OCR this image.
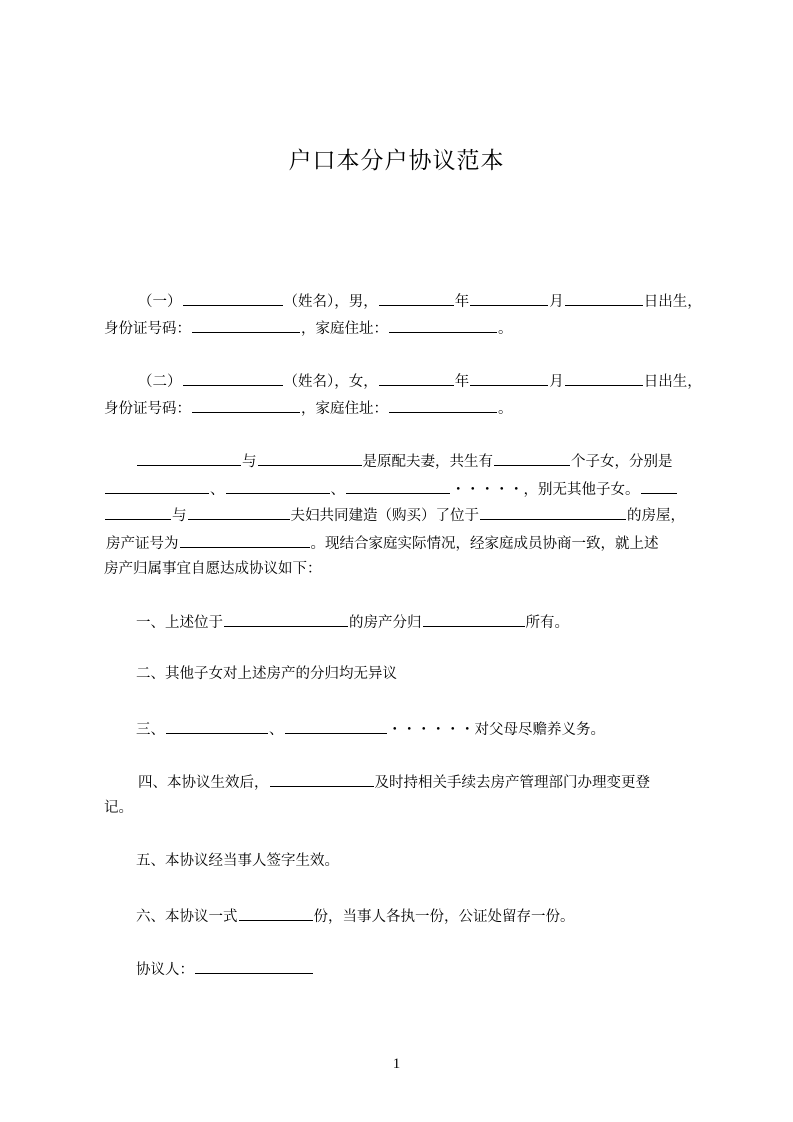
户口本分户协议范本
（一）	（姓名），男，	年	月	日出生，
身份证号码：	，家庭住址：	。
（二）	（姓名），女，	年	月	日出生，
身份证号码：	，家庭住址：	。
与	是原配夫妻，共生有	个子女，分别是
、	、	・・・・・，别无其他子女。
与	夫妇共同建造（购买）了位于	的房屋，
房产证号为	。现结合家庭实际情况，经家庭成员协商一致，就上述
房产归属事宜自愿达成协议如下：
一、上述位于	的房产分归	所有。
二、其他子女对上述房产的分归均无异议
三、	、	・・・・・・对父母尽赡养义务。
四、本协议生效后，	及时持相关手续去房产管理部门办理变更登
记。
五、本协议经当事人签字生效。
六、本协议一式	份，当事人各执一份，公证处留存一份。
协议人：
1
